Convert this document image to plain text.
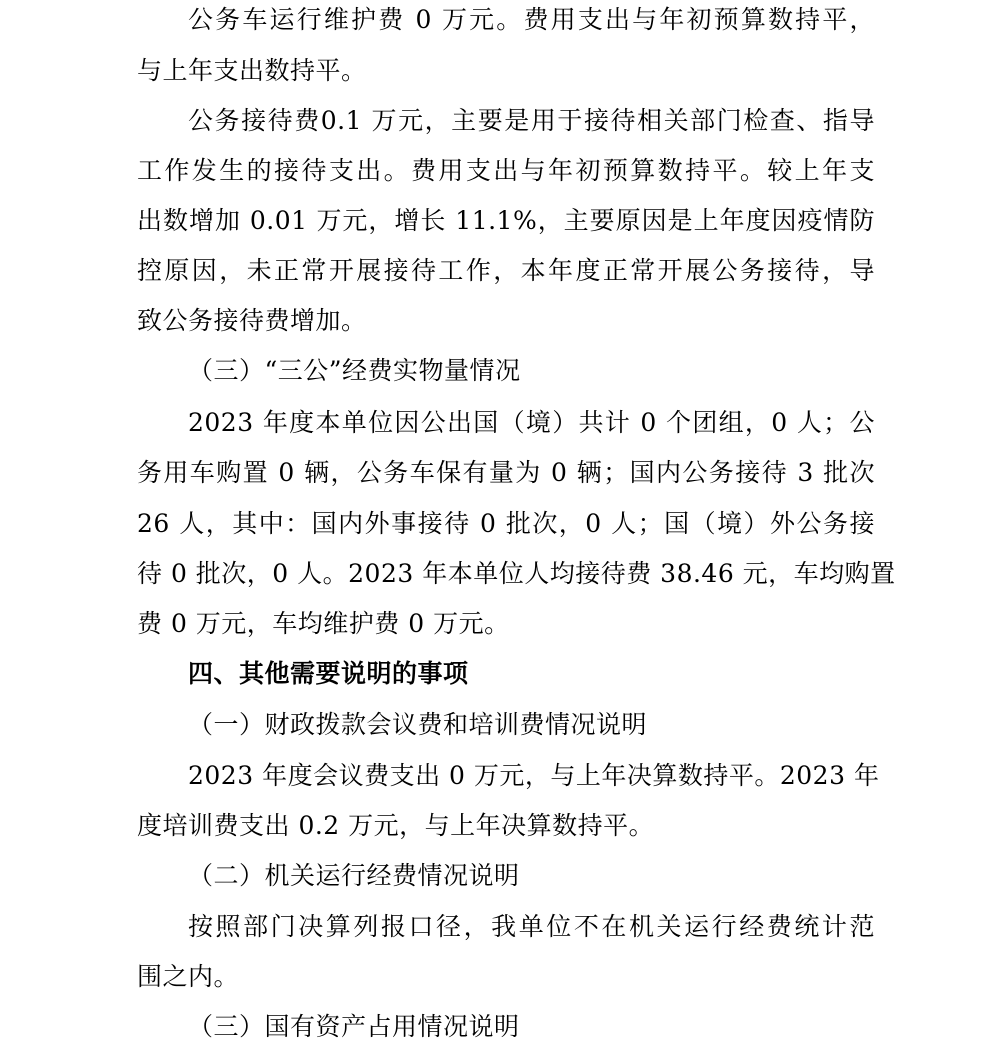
公务车运行维护费 0 万元。费用支出与年初预算数持平，
与上年支出数持平。
公务接待费0.1 万元，主要是用于接待相关部门检查、指导
工作发生的接待支出。费用支出与年初预算数持平。较上年支
出数增加 0.01 万元，增长 11.1%，主要原因是上年度因疫情防
控原因，未正常开展接待工作，本年度正常开展公务接待，导
致公务接待费增加。
（三）“三公”经费实物量情况
2023 年度本单位因公出国（境）共计 0 个团组，0 人；公
务用车购置 0 辆，公务车保有量为 0 辆；国内公务接待 3 批次
26 人，其中：国内外事接待 0 批次，0 人；国（境）外公务接
待 0 批次，0 人。2023 年本单位人均接待费 38.46 元，车均购置
费 0 万元，车均维护费 0 万元。
四、其他需要说明的事项
（一）财政拨款会议费和培训费情况说明
2023 年度会议费支出 0 万元，与上年决算数持平。2023 年
度培训费支出 0.2 万元，与上年决算数持平。
（二）机关运行经费情况说明
按照部门决算列报口径，我单位不在机关运行经费统计范
围之内。
（三）国有资产占用情况说明
